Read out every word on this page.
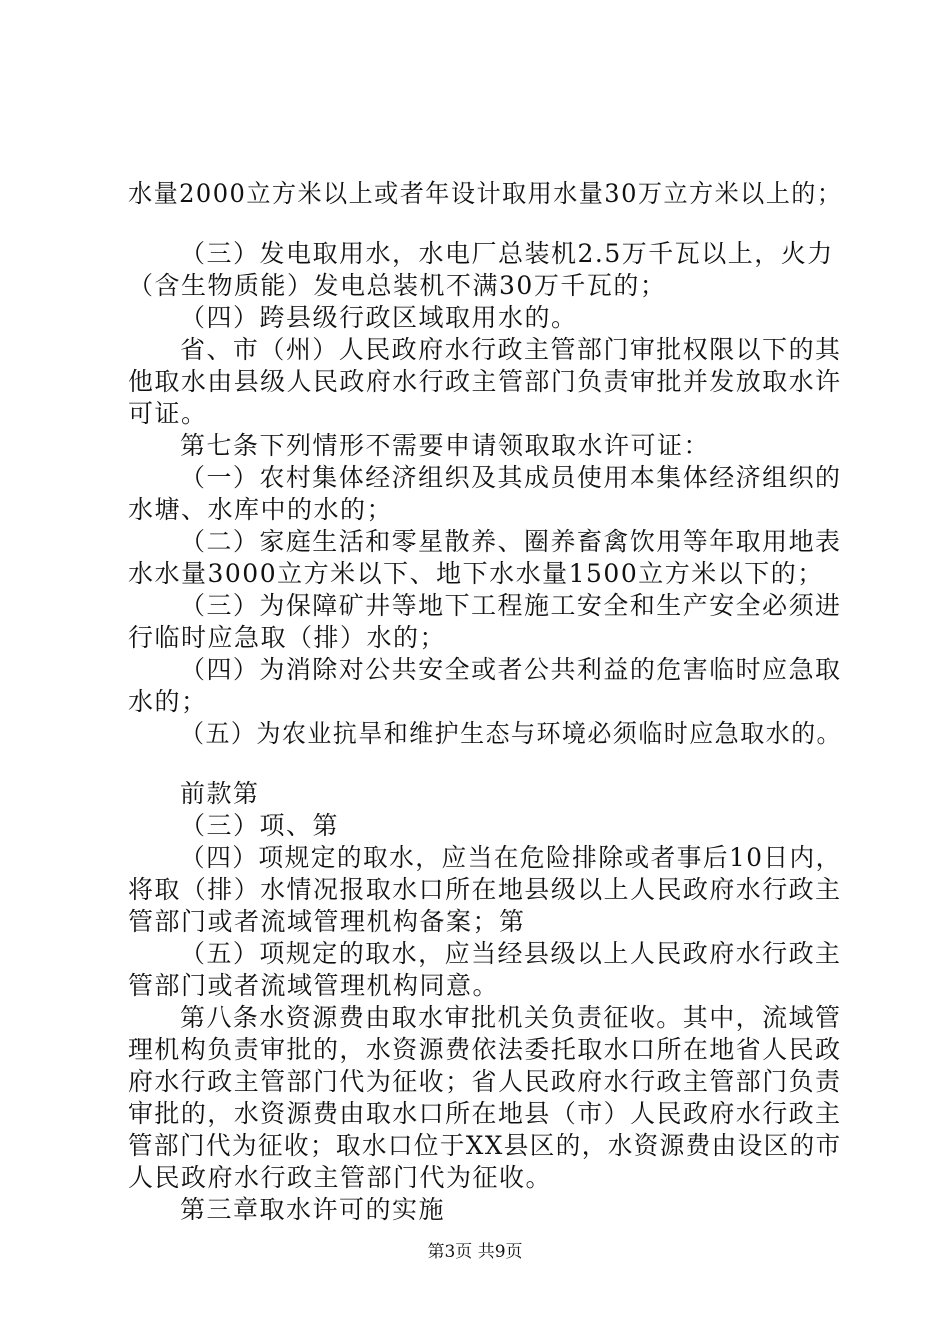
水量2000立方米以上或者年设计取用水量30万立方米以上的；
（三）发电取用水，水电厂总装机2.5万千瓦以上，火力
（含生物质能）发电总装机不满30万千瓦的；
（四）跨县级行政区域取用水的。
省、市（州）人民政府水行政主管部门审批权限以下的其
他取水由县级人民政府水行政主管部门负责审批并发放取水许
可证。
第七条下列情形不需要申请领取取水许可证：
（一）农村集体经济组织及其成员使用本集体经济组织的
水塘、水库中的水的；
（二）家庭生活和零星散养、圈养畜禽饮用等年取用地表
水水量3000立方米以下、地下水水量1500立方米以下的；
（三）为保障矿井等地下工程施工安全和生产安全必须进
行临时应急取（排）水的；
（四）为消除对公共安全或者公共利益的危害临时应急取
水的；
（五）为农业抗旱和维护生态与环境必须临时应急取水的。
前款第
（三）项、第
（四）项规定的取水，应当在危险排除或者事后10日内，
将取（排）水情况报取水口所在地县级以上人民政府水行政主
管部门或者流域管理机构备案；第
（五）项规定的取水，应当经县级以上人民政府水行政主
管部门或者流域管理机构同意。
第八条水资源费由取水审批机关负责征收。其中，流域管
理机构负责审批的，水资源费依法委托取水口所在地省人民政
府水行政主管部门代为征收；省人民政府水行政主管部门负责
审批的，水资源费由取水口所在地县（市）人民政府水行政主
管部门代为征收；取水口位于XX县区的，水资源费由设区的市
人民政府水行政主管部门代为征收。
第三章取水许可的实施
第3页 共9页
